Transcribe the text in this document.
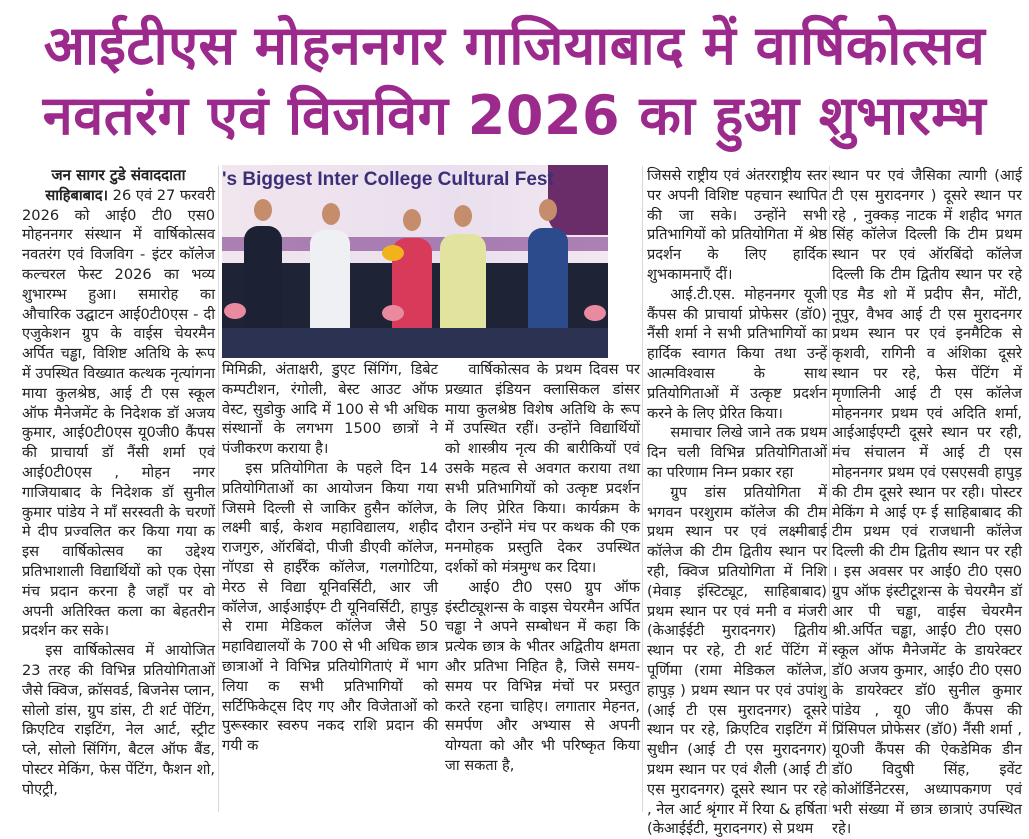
आईटीएस मोहननगर गाजियाबाद में वार्षिकोत्सव
नवतरंग एवं विजविग 2026 का हुआ शुभारम्भ
's Biggest Inter College Cultural Fest
जन सागर टुडे संवाददाता

साहिबाबाद। 26 एवं 27 फरवरी 2026 को आई0 टी0 एस0 मोहननगर संस्थान में वार्षिकोत्सव नवतरंग एवं विजविग - इंटर कॉलेज कल्चरल फेस्ट 2026 का भव्य शुभारम्भ हुआ। समारोह का औचारिक उद्घाटन आई0टी0एस - दी एजुकेशन ग्रुप के वाईस चेयरमैन अर्पित चड्ढा, विशिष्ट अतिथि के रूप में उपस्थित विख्यात कत्थक नृत्यांगना माया कुलश्रेष्ठ, आई टी एस स्कूल ऑफ मैनेजमेंट के निदेशक डॉ अजय कुमार, आई0टी0एस यू0जी0 कैंपस की प्राचार्या डॉ नैंसी शर्मा एवं आई0टी0एस , मोहन नगर गाजियाबाद के निदेशक डॉ सुनील कुमार पांडेय ने माँ सरस्वती के चरणों मे दीप प्रज्वलित कर किया गया क इस वार्षिकोत्सव का उद्देश्य प्रतिभाशाली विद्यार्थियों को एक ऐसा मंच प्रदान करना है जहाँ पर वो अपनी अतिरिक्त कला का बेहतरीन प्रदर्शन कर सके।

इस वार्षिकोत्सव में आयोजित 23 तरह की विभिन्न प्रतियोगिताओं जैसे क्विज, क्रॉसवर्ड, बिजनेस प्लान, सोलो डांस, ग्रुप डांस, टी शर्ट पेंटिंग, क्रिएटिव राइटिंग, नेल आर्ट, स्ट्रीट प्ले, सोलो सिंगिंग, बैटल ऑफ बैंड, पोस्टर मेकिंग, फेस पेंटिंग, फैशन शो, पोएट्री,

मिमिक्री, अंताक्षरी, डुएट सिंगिंग, डिबेट कम्पटीशन, रंगोली, बेस्ट आउट ऑफ वेस्ट, सुडोकु आदि में 100 से भी अधिक संस्थानों के लगभग 1500 छात्रों ने पंजीकरण कराया है।

इस प्रतियोगिता के पहले दिन 14 प्रतियोगिताओं का आयोजन किया गया जिसमे दिल्ली से जाकिर हुसैन कॉलेज, लक्ष्मी बाई, केशव महाविद्यालय, शहीद राजगुरु, ऑरबिंदो, पीजी डीएवी कॉलेज, नॉएडा से हाईरैंक कॉलेज, गलगोटिया, मेरठ से विद्या यूनिवर्सिटी, आर जी कॉलेज, आईआईएम्‍ टी यूनिवर्सिटी, हापुड़ से रामा मेडिकल कॉलेज जैसे 50 महाविद्यालयों के 700 से भी अधिक छात्र छात्राओं ने विभिन्न प्रतियोगिताएं में भाग लिया क सभी प्रतिभागियों को सर्टिफिकेट्स दिए गए और विजेताओं को पुरूस्कार स्वरुप नकद राशि प्रदान की गयी क

वार्षिकोत्सव के प्रथम दिवस पर प्रख्यात इंडियन क्लासिकल डांसर माया कुलश्रेष्ठ विशेष अतिथि के रूप में उपस्थित रहीं। उन्होंने विद्यार्थियों को शास्त्रीय नृत्य की बारीकियों एवं उसके महत्व से अवगत कराया तथा सभी प्रतिभागियों को उत्कृष्ट प्रदर्शन के लिए प्रेरित किया। कार्यक्रम के दौरान उन्होंने मंच पर कथक की एक मनमोहक प्रस्तुति देकर उपस्थित दर्शकों को मंत्रमुग्ध कर दिया।

आई0 टी0 एस0 ग्रुप ऑफ इंस्टीट्यूशन्स के वाइस चेयरमैन अर्पित चड्ढा ने अपने सम्बोधन में कहा कि प्रत्येक छात्र के भीतर अद्वितीय क्षमता और प्रतिभा निहित है, जिसे समय-समय पर विभिन्न मंचों पर प्रस्तुत करते रहना चाहिए। लगातार मेहनत, समर्पण और अभ्यास से अपनी योग्यता को और भी परिष्कृत किया जा सकता है,

जिससे राष्ट्रीय एवं अंतरराष्ट्रीय स्तर पर अपनी विशिष्ट पहचान स्थापित की जा सके। उन्होंने सभी प्रतिभागियों को प्रतियोगिता में श्रेष्ठ प्रदर्शन के लिए हार्दिक शुभकामनाएँ दीं।

आई.टी.एस. मोहननगर यूजी कैंपस की प्राचार्या प्रोफेसर (डॉ0) नैंसी शर्मा ने सभी प्रतिभागियों का हार्दिक स्वागत किया तथा उन्हें आत्मविश्वास के साथ प्रतियोगिताओं में उत्कृष्ट प्रदर्शन करने के लिए प्रेरित किया।

समाचार लिखे जाने तक प्रथम दिन चली विभिन्न प्रतियोगिताओं का परिणाम निम्न प्रकार रहा

ग्रुप डांस प्रतियोगिता में भगवन परशुराम कॉलेज की टीम प्रथम स्थान पर एवं लक्ष्मीबाई कॉलेज की टीम द्वितीय स्थान पर रही, क्विज प्रतियोगिता में निशि (मेवाड़ इंस्टिट्यूट, साहिबाबाद) प्रथम स्थान पर एवं मनी व मंजरी (केआईईटी मुरादनगर) द्वितीय स्थान पर रहे, टी शर्ट पेंटिंग में पूर्णिमा (रामा मेडिकल कॉलेज, हापुड़ ) प्रथम स्थान पर एवं उपांशु (आई टी एस मुरादनगर) दूसरे स्थान पर रहे, क्रिएटिव राइटिंग में सुधीन (आई टी एस मुरादनगर) प्रथम स्थान पर एवं शैली (आई टी एस मुरादनगर) दूसरे स्थान पर रहे , नेल आर्ट श्रृंगार में रिया & हर्षिता (केआईईटी, मुरादनगर) से प्रथम

स्थान पर एवं जैसिका त्यागी (आई टी एस मुरादनगर ) दूसरे स्थान पर रहे , नुक्कड़ नाटक में शहीद भगत सिंह कॉलेज दिल्ली कि टीम प्रथम स्थान पर एवं ऑरबिंदो कॉलेज दिल्ली कि टीम द्वितीय स्थान पर रहे एड मैड शो में प्रदीप सैन, मोंटी, नूपुर, वैभव आई टी एस मुरादनगर प्रथम स्थान पर एवं इनमैटिक से कृशवी, रागिनी व अंशिका दूसरे स्थान पर रहे, फेस पेंटिंग में मृणालिनी आई टी एस कॉलेज मोहननगर प्रथम एवं अदिति शर्मा, आईआईएम्टी दूसरे स्थान पर रही, मंच संचालन में आई टी एस मोहननगर प्रथम एवं एसएसवी हापुड़ की टीम दूसरे स्थान पर रही। पोस्टर मेकिंग मे आई एम्‍ ई साहिबाबाद की टीम प्रथम एवं राजधानी कॉलेज दिल्ली की टीम द्वितीय स्थान पर रही । इस अवसर पर आई0 टी0 एस0 ग्रुप ऑफ इंस्टीटूशन्स के चेयरमैन डॉ आर पी चड्ढा, वाईस चेयरमैन श्री.अर्पित चड्ढा, आई0 टी0 एस0 स्कूल ऑफ मैनेजमेंट के डायरेक्टर डॉ0 अजय कुमार, आई0 टी0 एस0 के डायरेक्टर डॉ0 सुनील कुमार पांडेय , यू0 जी0 कैंपस की प्रिंसिपल प्रोफेसर (डॉ0) नैंसी शर्मा , यू0जी कैंपस की ऐकडेमिक डीन डॉ0 विदुषी सिंह, इवेंट कोऑर्डिनेटरस, अध्यापकगण एवं भरी संख्या में छात्र छात्राएं उपस्थित रहे।
